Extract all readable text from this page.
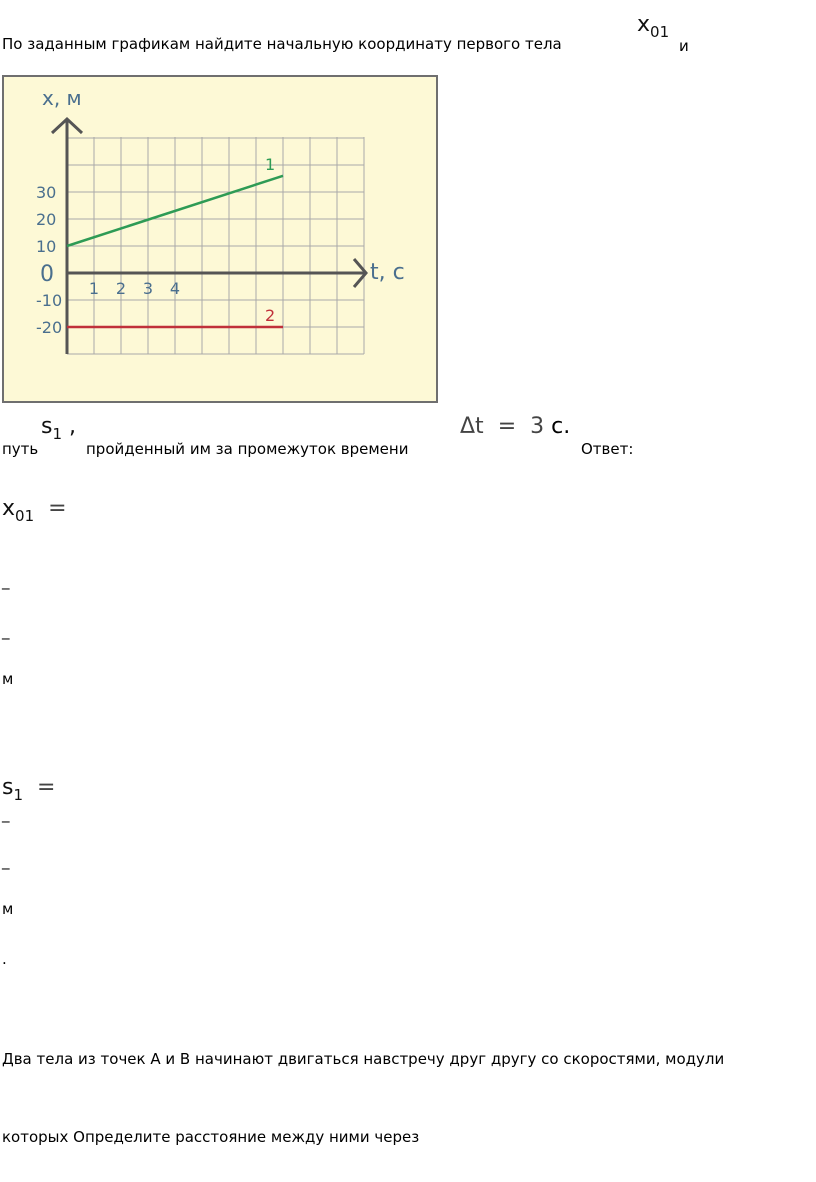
По заданным графикам найдите начальную координату первого тела
$x_{01}$
и
30
20
10
0
-10
-20
1 2 3 4
1
2
x, м
t, с
путь
$s_1$ ,
пройденный им за промежуток времени
Δt = 3 с.
Ответ:
$x_{01}$ =
_
_
м
$s_1$ =
_
_
м
.
Два тела из точек А и В начинают двигаться навстречу друг другу со скоростями, модули
которых Определите расстояние между ними через
